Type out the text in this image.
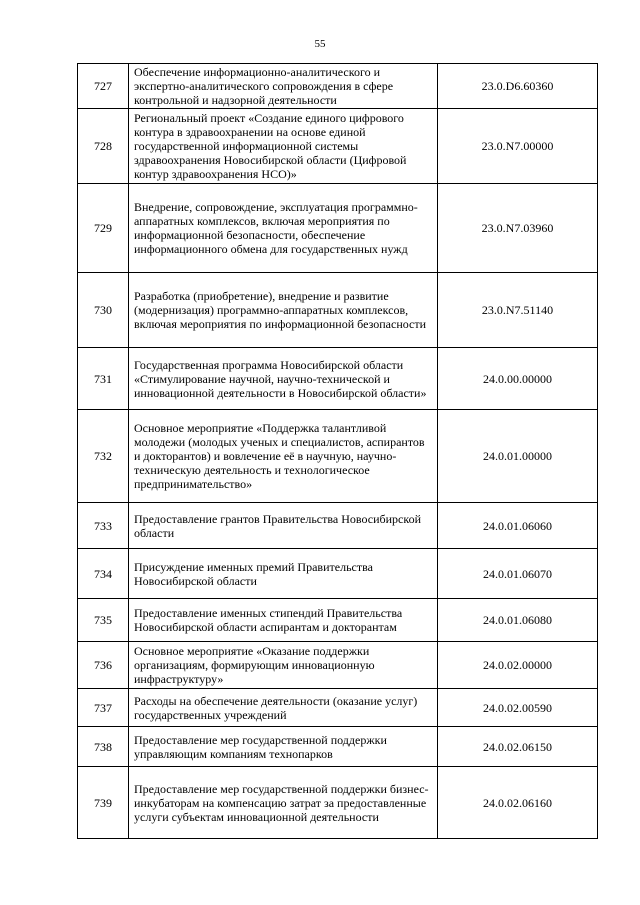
55
727	Обеспечение информационно-аналитического и экспертно-аналитического сопровождения в сфере контрольной и надзорной деятельности	23.0.D6.60360
728	Региональный проект «Создание единого цифрового контура в здравоохранении на основе единой государственной информационной системы здравоохранения Новосибирской области (Цифровой контур здравоохранения НСО)»	23.0.N7.00000
729	Внедрение, сопровождение, эксплуатация программно-аппаратных комплексов, включая мероприятия по информационной безопасности, обеспечение информационного обмена для государственных нужд	23.0.N7.03960
730	Разработка (приобретение), внедрение и развитие (модернизация) программно-аппаратных комплексов, включая мероприятия по информационной безопасности	23.0.N7.51140
731	Государственная программа Новосибирской области «Стимулирование научной, научно-технической и инновационной деятельности в Новосибирской области»	24.0.00.00000
732	Основное мероприятие «Поддержка талантливой молодежи (молодых ученых и специалистов, аспирантов и докторантов) и вовлечение её в научную, научно-техническую деятельность и технологическое предпринимательство»	24.0.01.00000
733	Предоставление грантов Правительства Новосибирской области	24.0.01.06060
734	Присуждение именных премий Правительства Новосибирской области	24.0.01.06070
735	Предоставление именных стипендий Правительства Новосибирской области аспирантам и докторантам	24.0.01.06080
736	Основное мероприятие «Оказание поддержки организациям, формирующим инновационную инфраструктуру»	24.0.02.00000
737	Расходы на обеспечение деятельности (оказание услуг) государственных учреждений	24.0.02.00590
738	Предоставление мер государственной поддержки управляющим компаниям технопарков	24.0.02.06150
739	Предоставление мер государственной поддержки бизнес-инкубаторам на компенсацию затрат за предоставленные услуги субъектам инновационной деятельности	24.0.02.06160
